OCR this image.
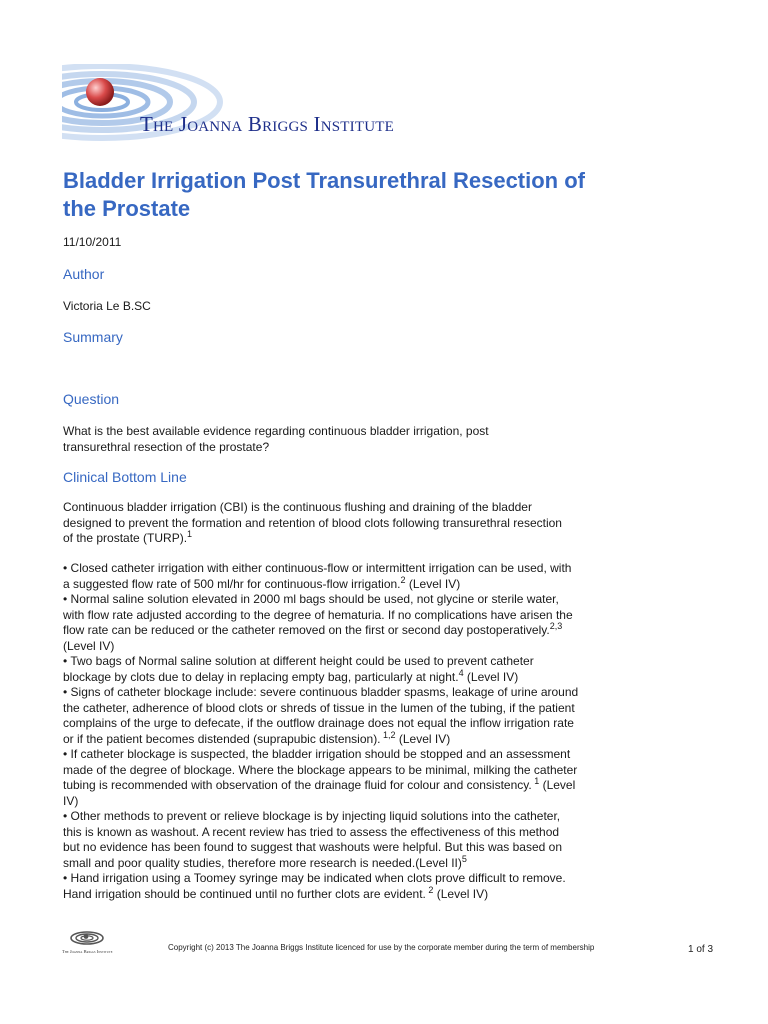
The Joanna Briggs Institute
Bladder Irrigation Post Transurethral Resection of the Prostate
11/10/2011
Author
Victoria Le B.SC
Summary
Question
What is the best available evidence regarding continuous bladder irrigation, post transurethral resection of the prostate?
Clinical Bottom Line
Continuous bladder irrigation (CBI) is the continuous flushing and draining of the bladder designed to prevent the formation and retention of blood clots following transurethral resection of the prostate (TURP).$^1$

• Closed catheter irrigation with either continuous-flow or intermittent irrigation can be used, with a suggested flow rate of 500 ml/hr for continuous-flow irrigation.$^2$ (Level IV)

• Normal saline solution elevated in 2000 ml bags should be used, not glycine or sterile water, with flow rate adjusted according to the degree of hematuria. If no complications have arisen the flow rate can be reduced or the catheter removed on the first or second day postoperatively.$^{2,3}$ (Level IV)

• Two bags of Normal saline solution at different height could be used to prevent catheter blockage by clots due to delay in replacing empty bag, particularly at night.$^4$ (Level IV)

• Signs of catheter blockage include: severe continuous bladder spasms, leakage of urine around the catheter, adherence of blood clots or shreds of tissue in the lumen of the tubing, if the patient complains of the urge to defecate, if the outflow drainage does not equal the inflow irrigation rate or if the patient becomes distended (suprapubic distension). $^{1,2}$ (Level IV)

• If catheter blockage is suspected, the bladder irrigation should be stopped and an assessment made of the degree of blockage. Where the blockage appears to be minimal, milking the catheter tubing is recommended with observation of the drainage fluid for colour and consistency. $^1$ (Level IV)

• Other methods to prevent or relieve blockage is by injecting liquid solutions into the catheter, this is known as washout. A recent review has tried to assess the effectiveness of this method but no evidence has been found to suggest that washouts were helpful. But this was based on small and poor quality studies, therefore more research is needed.(Level II)$^5$

• Hand irrigation using a Toomey syringe may be indicated when clots prove difficult to remove. Hand irrigation should be continued until no further clots are evident. $^2$ (Level IV)

The Joanna Briggs Institute	Copyright (c) 2013 The Joanna Briggs Institute licenced for use by the corporate member during the term of membership	1 of 3
